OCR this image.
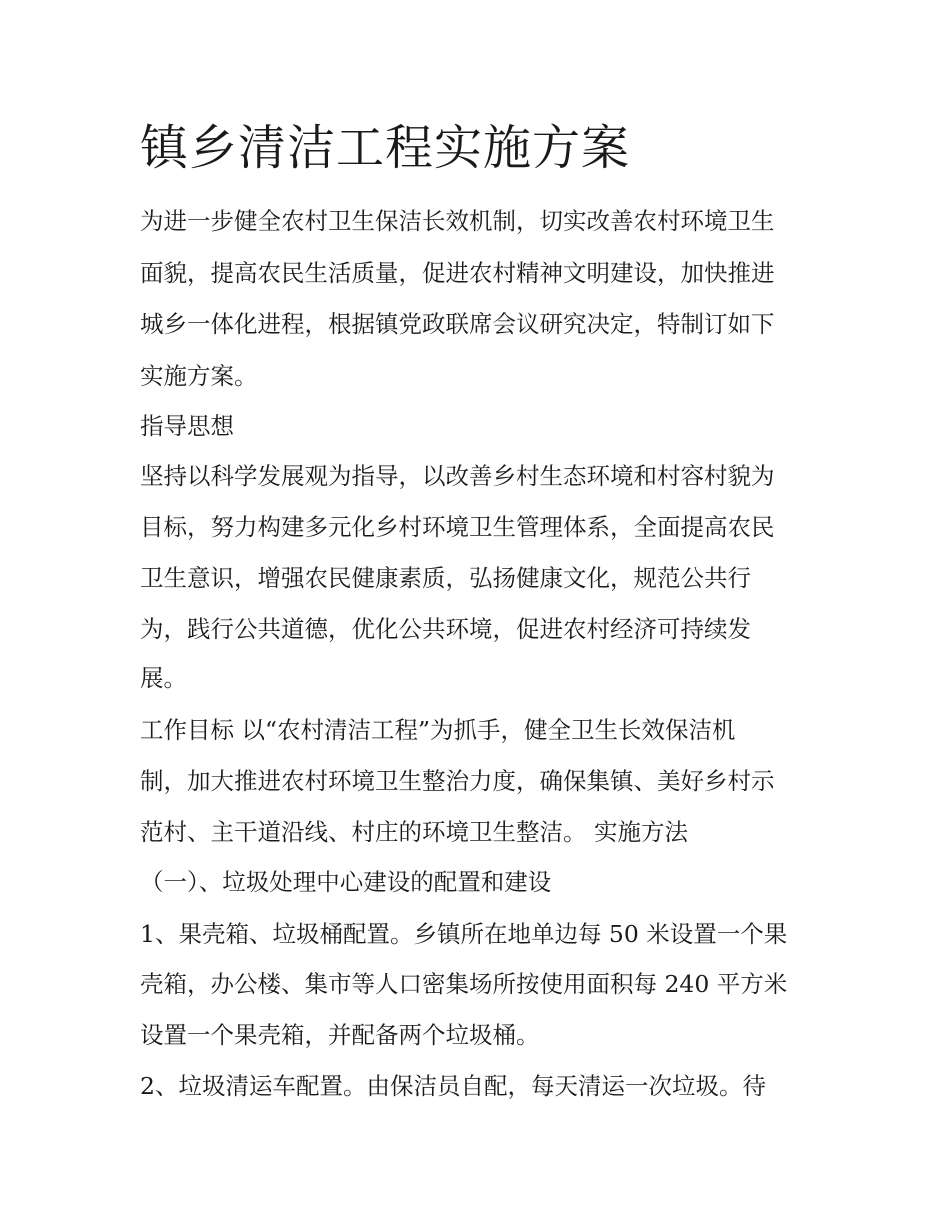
镇乡清洁工程实施方案

为进一步健全农村卫生保洁长效机制，切实改善农村环境卫生

面貌，提高农民生活质量，促进农村精神文明建设，加快推进

城乡一体化进程，根据镇党政联席会议研究决定，特制订如下

实施方案。

指导思想

坚持以科学发展观为指导，以改善乡村生态环境和村容村貌为

目标，努力构建多元化乡村环境卫生管理体系，全面提高农民

卫生意识，增强农民健康素质，弘扬健康文化，规范公共行

为，践行公共道德，优化公共环境，促进农村经济可持续发

展。

工作目标 以“农村清洁工程”为抓手，健全卫生长效保洁机

制，加大推进农村环境卫生整治力度，确保集镇、美好乡村示

范村、主干道沿线、村庄的环境卫生整洁。 实施方法

（一）、垃圾处理中心建设的配置和建设

1、果壳箱、垃圾桶配置。乡镇所在地单边每 50 米设置一个果

壳箱，办公楼、集市等人口密集场所按使用面积每 240 平方米

设置一个果壳箱，并配备两个垃圾桶。

2、垃圾清运车配置。由保洁员自配，每天清运一次垃圾。待
